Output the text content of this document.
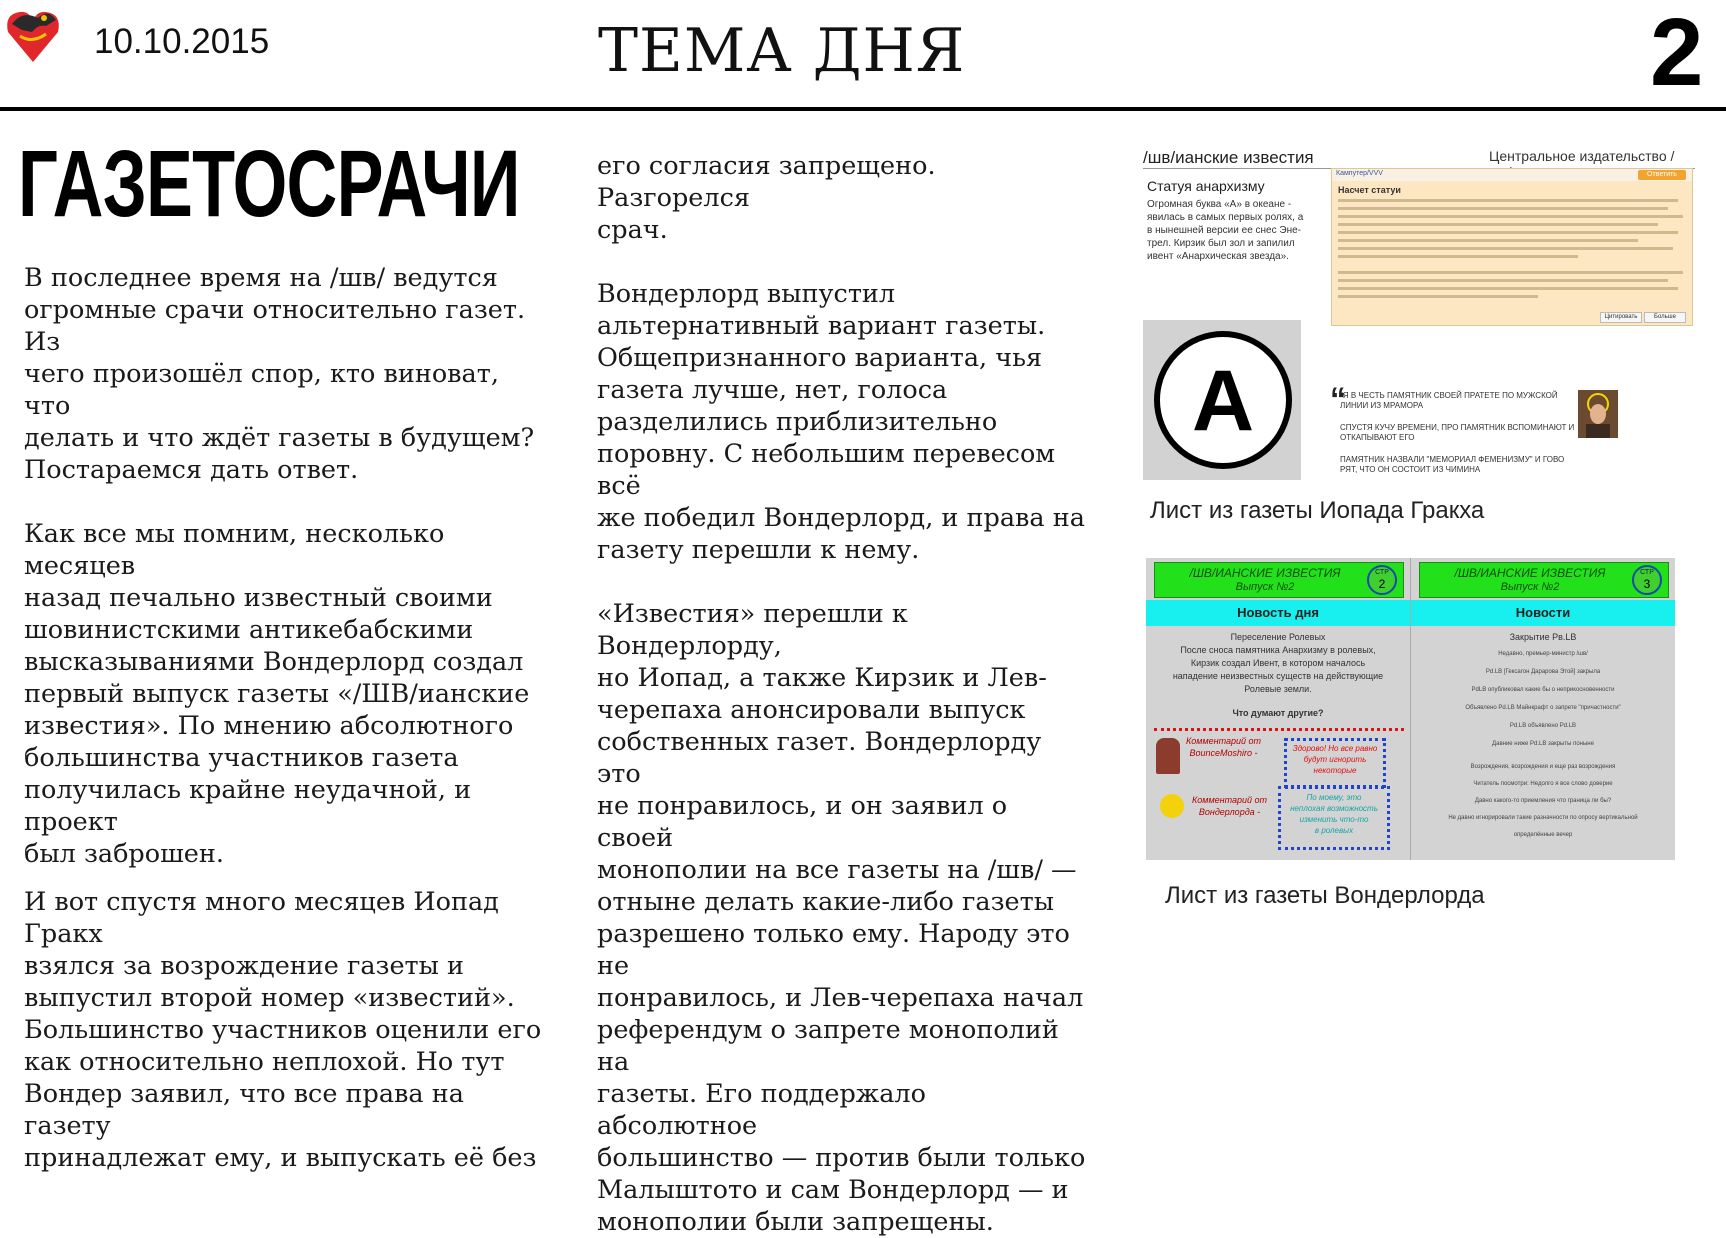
10.10.2015	ТЕМА ДНЯ	2
ГАЗЕТОСРАЧИ

В последнее время на /шв/ ведутся
огромные срачи относительно газет. Из
чего произошёл спор, кто виноват, что
делать и что ждёт газеты в будущем?
Постараемся дать ответ.

Как все мы помним, несколько месяцев
назад печально известный своими
шовинистскими антикебабскими
высказываниями Вондерлорд создал
первый выпуск газеты «/ШВ/ианские
известия». По мнению абсолютного
большинства участников газета
получилась крайне неудачной, и проект
был заброшен.

И вот спустя много месяцев Иопад Гракх
взялся за возрождение газеты и
выпустил второй номер «известий».
Большинство участников оценили его
как относительно неплохой. Но тут
Вондер заявил, что все права на газету
принадлежат ему, и выпускать её без

его согласия запрещено. Разгорелся
срач.

Вондерлорд выпустил
альтернативный вариант газеты.
Общепризнанного варианта, чья
газета лучше, нет, голоса
разделились приблизительно
поровну. С небольшим перевесом всё
же победил Вондерлорд, и права на
газету перешли к нему.

«Известия» перешли к Вондерлорду,
но Иопад, а также Кирзик и Лев-
черепаха анонсировали выпуск
собственных газет. Вондерлорду это
не понравилось, и он заявил о своей
монополии на все газеты на /шв/ —
отныне делать какие-либо газеты
разрешено только ему. Народу это не
понравилось, и Лев-черепаха начал
референдум о запрете монополий на
газеты. Его поддержало абсолютное
большинство — против были только
Малыштото и сам Вондерлорд — и
монополии были запрещены.

/шв/ианские известия	Центральное издательство /
Статуя анархизму
Огромная буква «А» в океане -
явилась в самых первых ролях, а
в нынешней версии ее снес Эне-
трел. Кирзик был зол и запилил
ивент «Анархическая звезда».
Кампутер/VVV	Ответить
Насчет статуи
Цитировать	Больше
A “
"Я В ЧЕСТЬ ПАМЯТНИК СВОЕЙ ПРАТЕТЕ ПО МУЖСКОЙ
ЛИНИИ ИЗ МРАМОРА
СПУСТЯ КУЧУ ВРЕМЕНИ, ПРО ПАМЯТНИК ВСПОМИНАЮТ И
ОТКАПЫВАЮТ ЕГО
ПАМЯТНИК НАЗВАЛИ "МЕМОРИАЛ ФЕМЕНИЗМУ" И ГОВО
РЯТ, ЧТО ОН СОСТОИТ ИЗ ЧИМИНА
Лист из газеты Иопада Гракха
/ШВ/ИАНСКИЕ ИЗВЕСТИЯ
Выпуск №2
СТР
2
Новость дня
Переселение Ролевых
После сноса памятника Анархизму в ролевых,
Кирзик создал Ивент, в котором началось
нападение неизвестных существ на действующие
Ролевые земли.
Что думают другие?
Комментарий от
BounceMoshiro -
Комментарий от
Вондерлорда -
Здорово! Но все равно
будут игнорить
некоторые
По моему, это
неплохая возможность
изменить что-то
в ролевых
/ШВ/ИАНСКИЕ ИЗВЕСТИЯ
Выпуск №2
СТР
3
Новости
Закрытие Рв.LB
Недавно, премьер-министр /шв/
Pd.LB [Гексагон Дарарова Этой] закрыла
PdLB опубликовал какие бы о неприкосновенности
Объявлено Pd.LB Майнкрафт о запрете "причастности"
Pd.LB объявлено Pd.LB
Давние ниже Pd.LB закрыты поныне
Возрождения, возрождения и еще раз возрождения
Читатель посмотри: Недолго я все слово доверие
Давно какого-то приемления что граница ли бы?
Не давно игнорировали такие разначности по опросу вертикальной
определённые вечер
Лист из газеты Вондерлорда
